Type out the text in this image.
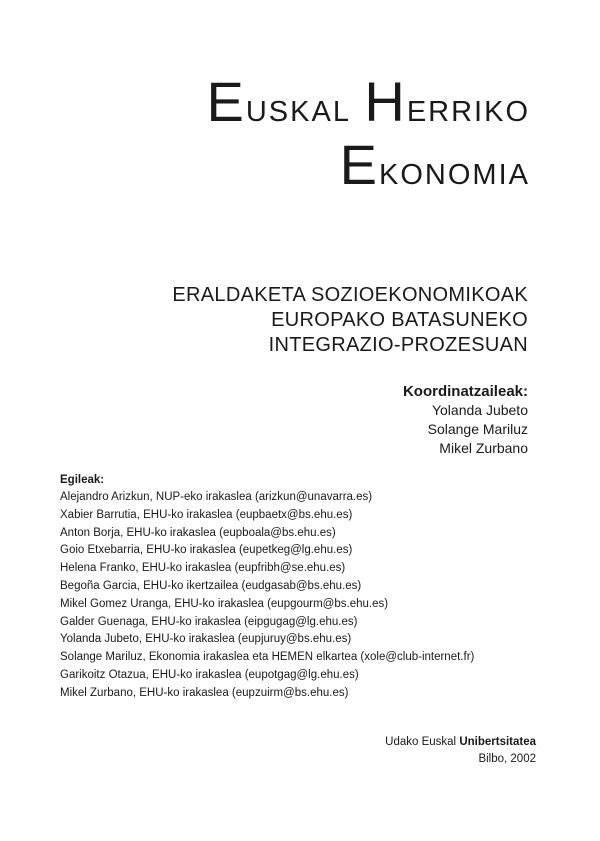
Euskal Herriko
Ekonomia
ERALDAKETA SOZIOEKONOMIKOAK
EUROPAKO BATASUNEKO
INTEGRAZIO-PROZESUAN
Koordinatzaileak:
Yolanda Jubeto
Solange Mariluz
Mikel Zurbano
Egileak:
Alejandro Arizkun, NUP-eko irakaslea (arizkun@unavarra.es)
Xabier Barrutia, EHU-ko irakaslea (eupbaetx@bs.ehu.es)
Anton Borja, EHU-ko irakaslea (eupboala@bs.ehu.es)
Goio Etxebarria, EHU-ko irakaslea (eupetkeg@lg.ehu.es)
Helena Franko, EHU-ko irakaslea (eupfribh@se.ehu.es)
Begoña Garcia, EHU-ko ikertzailea (eudgasab@bs.ehu.es)
Mikel Gomez Uranga, EHU-ko irakaslea (eupgourm@bs.ehu.es)
Galder Guenaga, EHU-ko irakaslea (eipgugag@lg.ehu.es)
Yolanda Jubeto, EHU-ko irakaslea (eupjuruy@bs.ehu.es)
Solange Mariluz, Ekonomia irakaslea eta HEMEN elkartea (xole@club-internet.fr)
Garikoitz Otazua, EHU-ko irakaslea (eupotgag@lg.ehu.es)
Mikel Zurbano, EHU-ko irakaslea (eupzuirm@bs.ehu.es)
Udako Euskal Unibertsitatea
Bilbo, 2002
